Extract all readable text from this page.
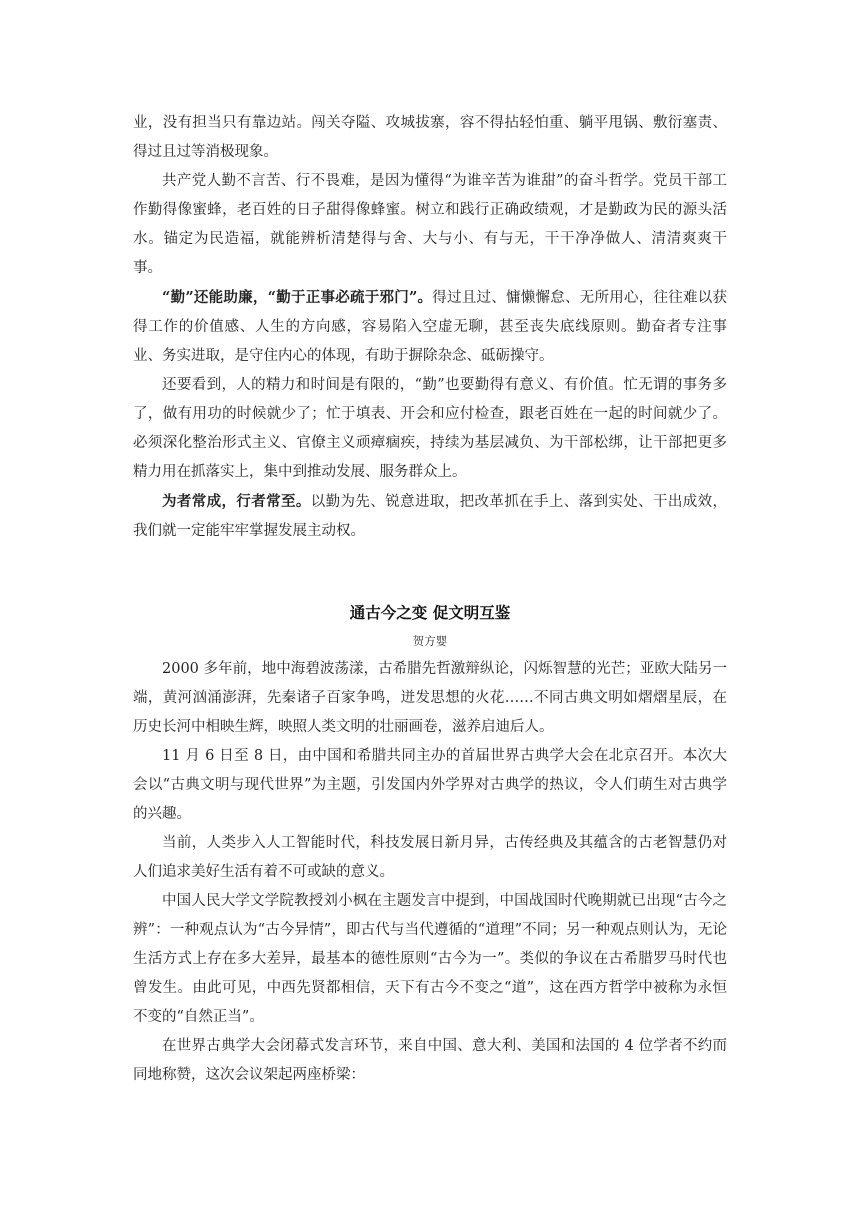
业，没有担当只有靠边站。闯关夺隘、攻城拔寨，容不得拈轻怕重、躺平甩锅、敷衍塞责、得过且过等消极现象。

共产党人勤不言苦、行不畏难，是因为懂得“为谁辛苦为谁甜”的奋斗哲学。党员干部工作勤得像蜜蜂，老百姓的日子甜得像蜂蜜。树立和践行正确政绩观，才是勤政为民的源头活水。锚定为民造福，就能辨析清楚得与舍、大与小、有与无，干干净净做人、清清爽爽干事。

“勤”还能助廉，“勤于正事必疏于邪门”。得过且过、慵懒懈怠、无所用心，往往难以获得工作的价值感、人生的方向感，容易陷入空虚无聊，甚至丧失底线原则。勤奋者专注事业、务实进取，是守住内心的体现，有助于摒除杂念、砥砺操守。

还要看到，人的精力和时间是有限的，“勤”也要勤得有意义、有价值。忙无谓的事务多了，做有用功的时候就少了；忙于填表、开会和应付检查，跟老百姓在一起的时间就少了。必须深化整治形式主义、官僚主义顽瘴痼疾，持续为基层减负、为干部松绑，让干部把更多精力用在抓落实上，集中到推动发展、服务群众上。

为者常成，行者常至。以勤为先、锐意进取，把改革抓在手上、落到实处、干出成效，我们就一定能牢牢掌握发展主动权。

通古今之变 促文明互鉴
贺方婴

2000 多年前，地中海碧波荡漾，古希腊先哲激辩纵论，闪烁智慧的光芒；亚欧大陆另一端，黄河汹涌澎湃，先秦诸子百家争鸣，迸发思想的火花……不同古典文明如熠熠星辰，在历史长河中相映生辉，映照人类文明的壮丽画卷，滋养启迪后人。

11 月 6 日至 8 日，由中国和希腊共同主办的首届世界古典学大会在北京召开。本次大会以“古典文明与现代世界”为主题，引发国内外学界对古典学的热议，令人们萌生对古典学的兴趣。

当前，人类步入人工智能时代，科技发展日新月异，古传经典及其蕴含的古老智慧仍对人们追求美好生活有着不可或缺的意义。

中国人民大学文学院教授刘小枫在主题发言中提到，中国战国时代晚期就已出现“古今之辨”：一种观点认为“古今异情”，即古代与当代遵循的“道理”不同；另一种观点则认为，无论生活方式上存在多大差异，最基本的德性原则“古今为一”。类似的争议在古希腊罗马时代也曾发生。由此可见，中西先贤都相信，天下有古今不变之“道”，这在西方哲学中被称为永恒不变的“自然正当”。

在世界古典学大会闭幕式发言环节，来自中国、意大利、美国和法国的 4 位学者不约而同地称赞，这次会议架起两座桥梁：
